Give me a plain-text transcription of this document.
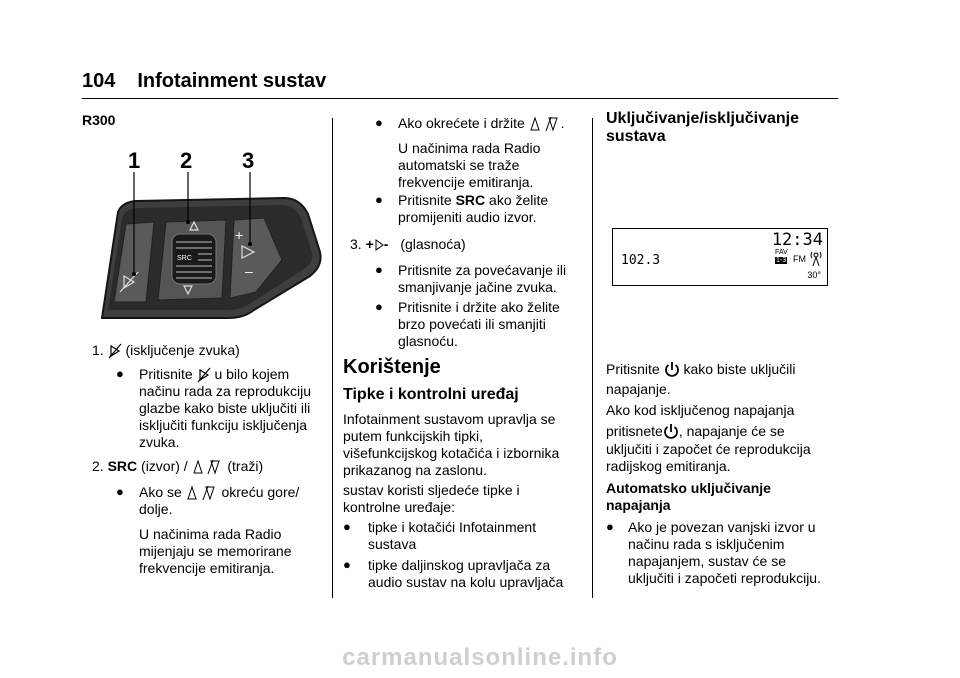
104 Infotainment sustav
R300
1 2 3
SRC
+
–
1. (isključenje zvuka)
● Pritisnite u bilo kojem
načinu rada za reprodukciju
glazbe kako biste uključiti ili
isključiti funkciju isključenja
zvuka.
2. SRC (izvor) /	(traži)
● Ako se	okreću gore/
dolje.
U načinima rada Radio
mijenjaju se memorirane
frekvencije emitiranja.
● Ako okrećete i držite	.
U načinima rada Radio
automatski se traže
frekvencije emitiranja.
● Pritisnite SRC ako želite
promijeniti audio izvor.
3. + - (glasnoća)
● Pritisnite za povećavanje ili
smanjivanje jačine zvuka.
● Pritisnite i držite ako želite
brzo povećati ili smanjiti
glasnoću.
Korištenje
Tipke i kontrolni uređaj
Infotainment sustavom upravlja se
putem funkcijskih tipki,
višefunkcijskog kotačića i izbornika
prikazanog na zaslonu.
sustav koristi sljedeće tipke i
kontrolne uređaje:
● tipke i kotačići Infotainment
sustava
● tipke daljinskog upravljača za
audio sustav na kolu upravljača
Uključivanje/isključivanje
sustava
12:34
102.3
FAV
1-3 FM
30°
Pritisnite kako biste uključili
napajanje.
Ako kod isključenog napajanja
pritisnete , napajanje će se
uključiti i započet će reprodukcija
radijskog emitiranja.
Automatsko uključivanje
napajanja
● Ako je povezan vanjski izvor u
načinu rada s isključenim
napajanjem, sustav će se
uključiti i započeti reprodukciju.
carmanualsonline.info
